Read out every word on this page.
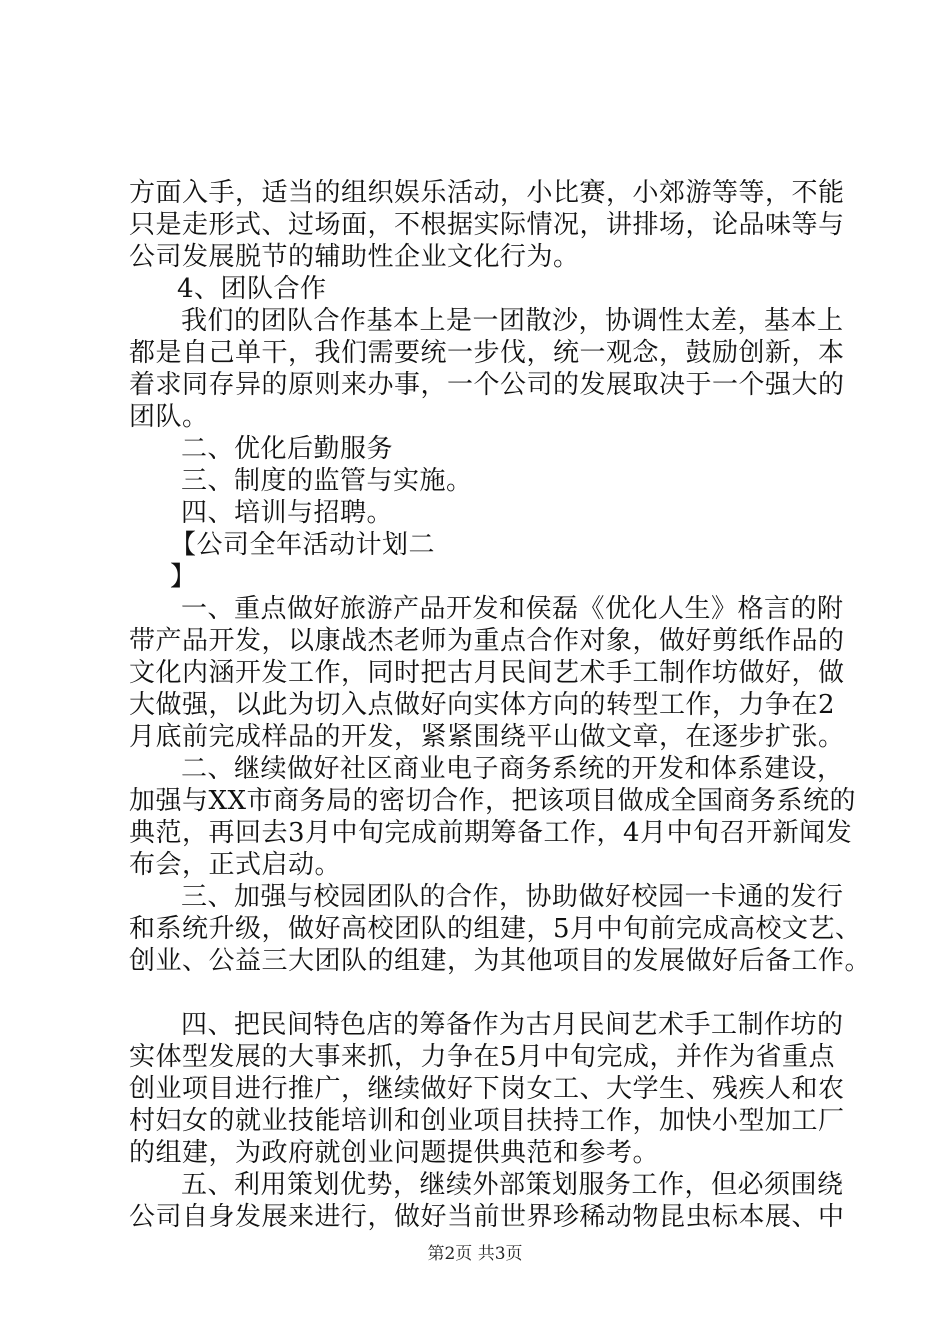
方面入手，适当的组织娱乐活动，小比赛，小郊游等等，不能
只是走形式、过场面，不根据实际情况，讲排场，论品味等与
公司发展脱节的辅助性企业文化行为。
4、团队合作
我们的团队合作基本上是一团散沙，协调性太差，基本上
都是自己单干，我们需要统一步伐，统一观念，鼓励创新，本
着求同存异的原则来办事，一个公司的发展取决于一个强大的
团队。
二、优化后勤服务
三、制度的监管与实施。
四、培训与招聘。
【公司全年活动计划二
】
一、重点做好旅游产品开发和侯磊《优化人生》格言的附
带产品开发，以康战杰老师为重点合作对象，做好剪纸作品的
文化内涵开发工作，同时把古月民间艺术手工制作坊做好，做
大做强，以此为切入点做好向实体方向的转型工作，力争在2
月底前完成样品的开发，紧紧围绕平山做文章，在逐步扩张。
二、继续做好社区商业电子商务系统的开发和体系建设，
加强与XX市商务局的密切合作，把该项目做成全国商务系统的
典范，再回去3月中旬完成前期筹备工作，4月中旬召开新闻发
布会，正式启动。
三、加强与校园团队的合作，协助做好校园一卡通的发行
和系统升级，做好高校团队的组建，5月中旬前完成高校文艺、
创业、公益三大团队的组建，为其他项目的发展做好后备工作。
四、把民间特色店的筹备作为古月民间艺术手工制作坊的
实体型发展的大事来抓，力争在5月中旬完成，并作为省重点
创业项目进行推广，继续做好下岗女工、大学生、残疾人和农
村妇女的就业技能培训和创业项目扶持工作，加快小型加工厂
的组建，为政府就创业问题提供典范和参考。
五、利用策划优势，继续外部策划服务工作，但必须围绕
公司自身发展来进行，做好当前世界珍稀动物昆虫标本展、中
第2页 共3页
